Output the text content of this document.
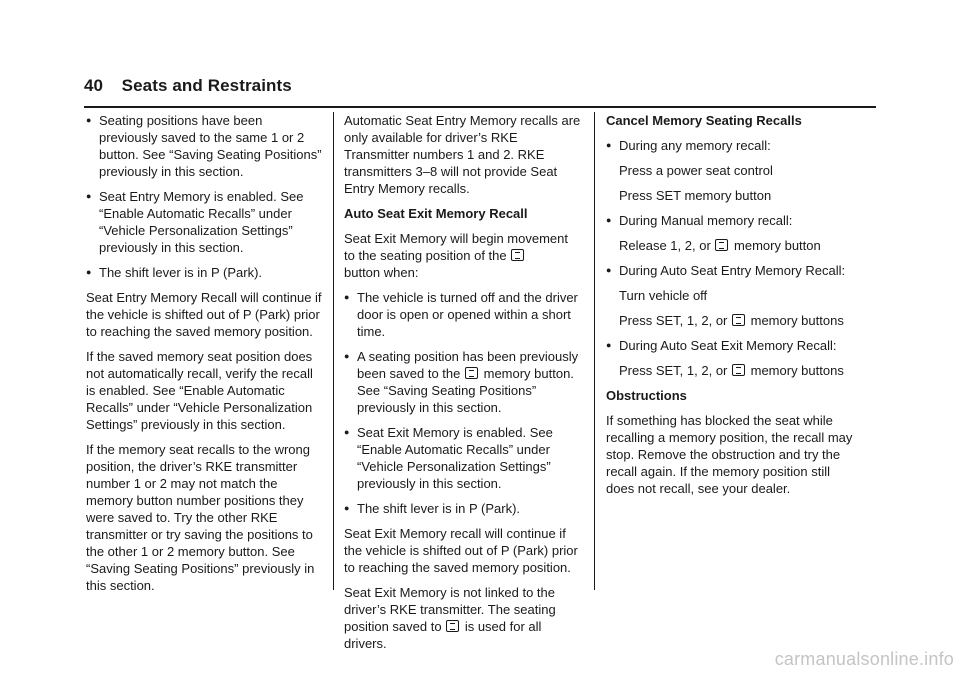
40 Seats and Restraints
● Seating positions have been previously saved to the same 1 or 2 button. See “Saving Seating Positions” previously in this section.
● Seat Entry Memory is enabled. See “Enable Automatic Recalls” under “Vehicle Personalization Settings” previously in this section.
● The shift lever is in P (Park).

Seat Entry Memory Recall will continue if the vehicle is shifted out of P (Park) prior to reaching the saved memory position.

If the saved memory seat position does not automatically recall, verify the recall is enabled. See “Enable Automatic Recalls” under “Vehicle Personalization Settings” previously in this section.

If the memory seat recalls to the wrong position, the driver’s RKE transmitter number 1 or 2 may not match the memory button number positions they were saved to. Try the other RKE transmitter or try saving the positions to the other 1 or 2 memory button. See “Saving Seating Positions” previously in this section.

Automatic Seat Entry Memory recalls are only available for driver’s RKE Transmitter numbers 1 and 2. RKE transmitters 3–8 will not provide Seat Entry Memory recalls.

Auto Seat Exit Memory Recall

Seat Exit Memory will begin movement to the seating position of the
button when:

● The vehicle is turned off and the driver door is open or opened within a short time.
● A seating position has been previously been saved to the memory button. See “Saving Seating Positions” previously in this section.
● Seat Exit Memory is enabled. See “Enable Automatic Recalls” under “Vehicle Personalization Settings” previously in this section.
● The shift lever is in P (Park).

Seat Exit Memory recall will continue if the vehicle is shifted out of P (Park) prior to reaching the saved memory position.

Seat Exit Memory is not linked to the driver’s RKE transmitter. The seating position saved to is used for all drivers.

Cancel Memory Seating Recalls

● During any memory recall:

Press a power seat control

Press SET memory button

● During Manual memory recall:

Release 1, 2, or memory button

● During Auto Seat Entry Memory Recall:

Turn vehicle off

Press SET, 1, 2, or memory buttons

● During Auto Seat Exit Memory Recall:

Press SET, 1, 2, or memory buttons

Obstructions

If something has blocked the seat while recalling a memory position, the recall may stop. Remove the obstruction and try the recall again. If the memory position still does not recall, see your dealer.

carmanualsonline.info
